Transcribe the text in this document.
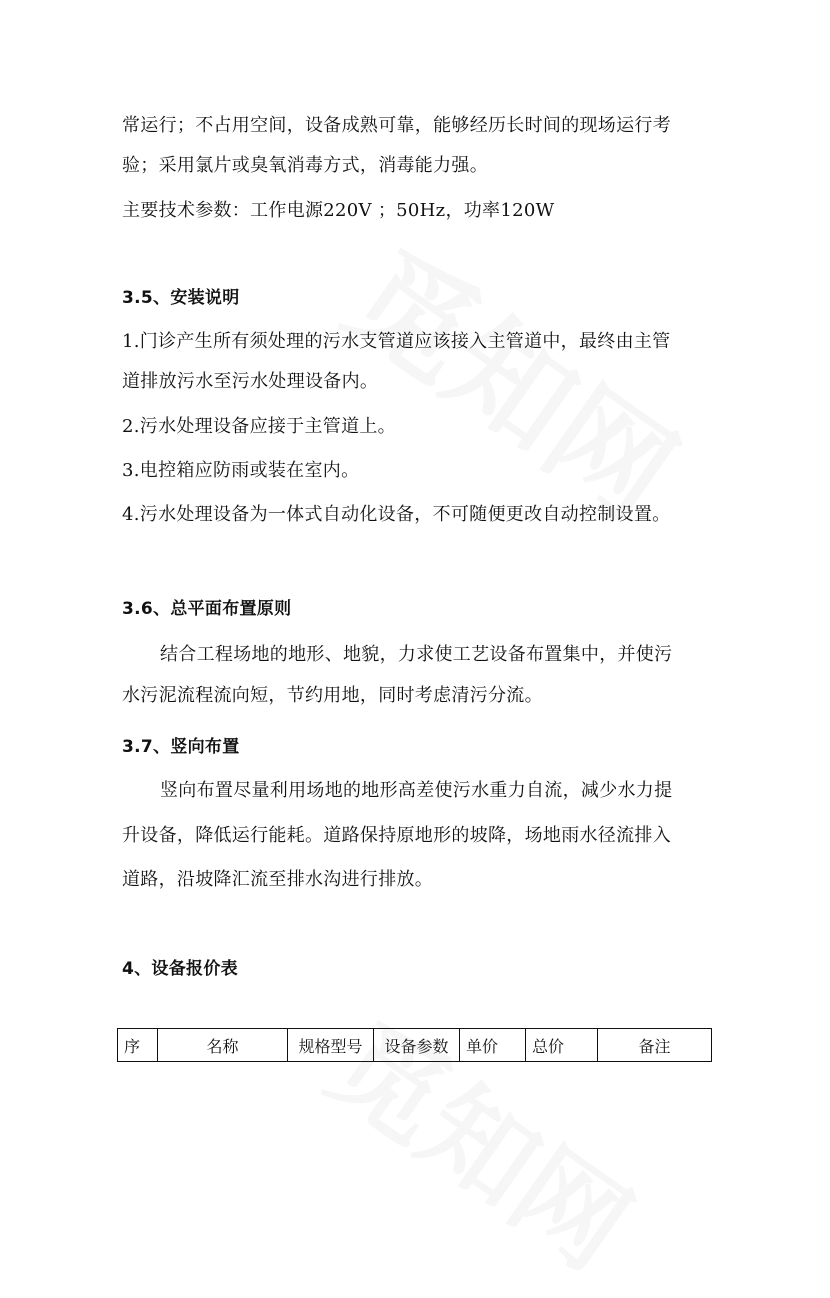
常运行；不占用空间，设备成熟可靠，能够经历长时间的现场运行考
验；采用氯片或臭氧消毒方式，消毒能力强。
主要技术参数：工作电源220V ；50Hz，功率120W
3.5、安装说明
1.门诊产生所有须处理的污水支管道应该接入主管道中，最终由主管
道排放污水至污水处理设备内。
2.污水处理设备应接于主管道上。
3.电控箱应防雨或装在室内。
4.污水处理设备为一体式自动化设备，不可随便更改自动控制设置。
3.6、总平面布置原则
结合工程场地的地形、地貌，力求使工艺设备布置集中，并使污
水污泥流程流向短，节约用地，同时考虑清污分流。
3.7、竖向布置
竖向布置尽量利用场地的地形高差使污水重力自流，减少水力提
升设备，降低运行能耗。道路保持原地形的坡降，场地雨水径流排入
道路，沿坡降汇流至排水沟进行排放。
4、设备报价表
序	名称	规格型号	设备参数	单价	总价	备注
